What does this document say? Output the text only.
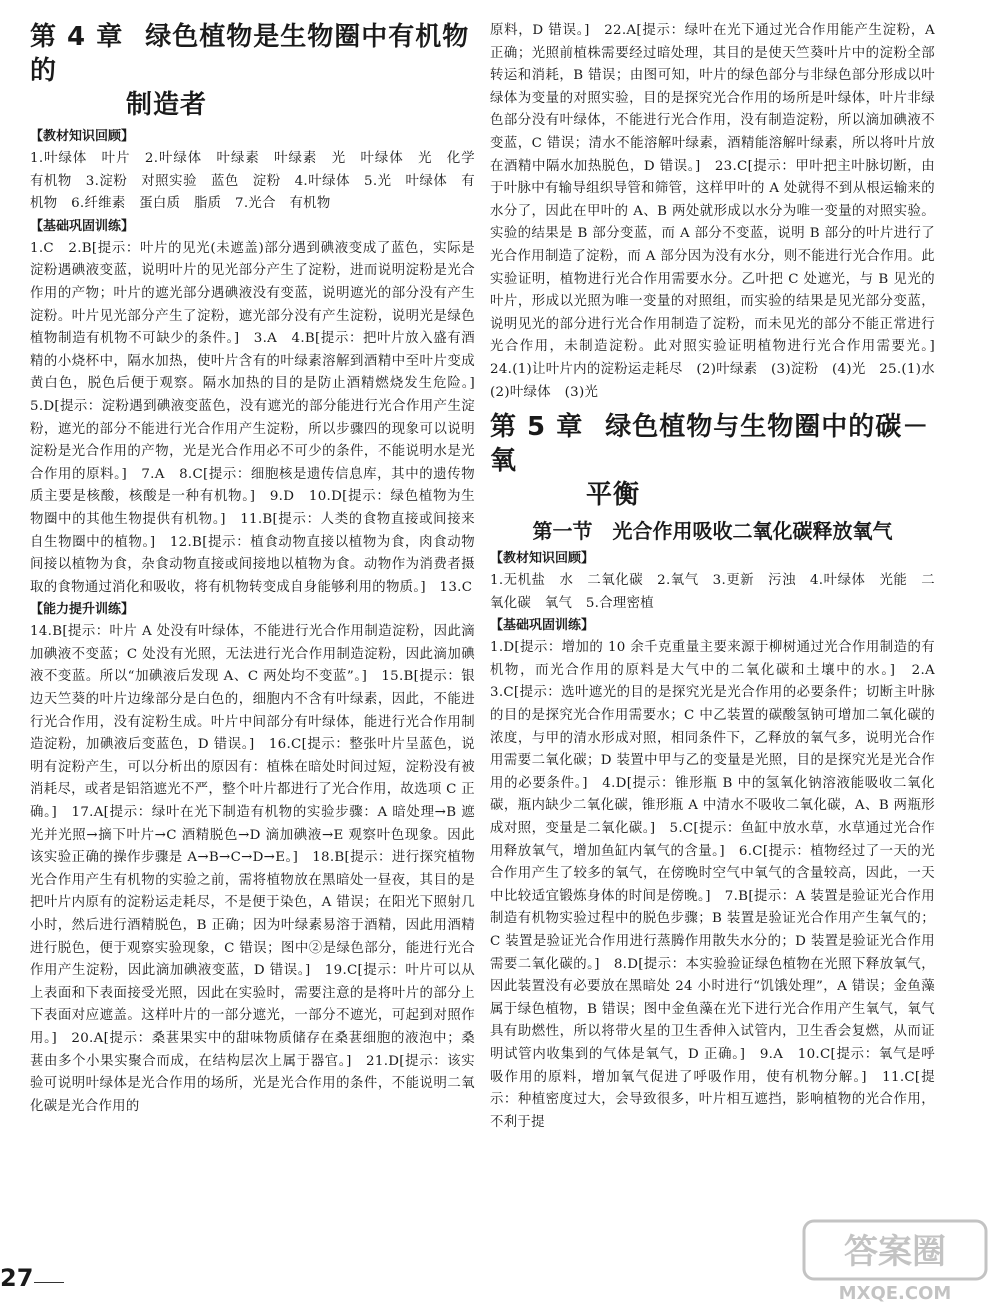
第 4 章 绿色植物是生物圈中有机物的
制造者

【教材知识回顾】

1.叶绿体　叶片　2.叶绿体　叶绿素　叶绿素　光　叶绿体　光　化学　有机物　3.淀粉　对照实验　蓝色　淀粉　4.叶绿体　5.光　叶绿体　有机物　6.纤维素　蛋白质　脂质　7.光合　有机物

【基础巩固训练】

1.C　2.B[提示：叶片的见光(未遮盖)部分遇到碘液变成了蓝色，实际是淀粉遇碘液变蓝，说明叶片的见光部分产生了淀粉，进而说明淀粉是光合作用的产物；叶片的遮光部分遇碘液没有变蓝，说明遮光的部分没有产生淀粉。叶片见光部分产生了淀粉，遮光部分没有产生淀粉，说明光是绿色植物制造有机物不可缺少的条件。]　3.A　4.B[提示：把叶片放入盛有酒精的小烧杯中，隔水加热，使叶片含有的叶绿素溶解到酒精中至叶片变成黄白色，脱色后便于观察。隔水加热的目的是防止酒精燃烧发生危险。]　5.D[提示：淀粉遇到碘液变蓝色，没有遮光的部分能进行光合作用产生淀粉，遮光的部分不能进行光合作用产生淀粉，所以步骤四的现象可以说明淀粉是光合作用的产物，光是光合作用必不可少的条件，不能说明水是光合作用的原料。]　7.A　8.C[提示：细胞核是遗传信息库，其中的遗传物质主要是核酸，核酸是一种有机物。]　9.D　10.D[提示：绿色植物为生物圈中的其他生物提供有机物。]　11.B[提示：人类的食物直接或间接来自生物圈中的植物。]　12.B[提示：植食动物直接以植物为食，肉食动物间接以植物为食，杂食动物直接或间接地以植物为食。动物作为消费者摄取的食物通过消化和吸收，将有机物转变成自身能够利用的物质。]　13.C

【能力提升训练】

14.B[提示：叶片 A 处没有叶绿体，不能进行光合作用制造淀粉，因此滴加碘液不变蓝；C 处没有光照，无法进行光合作用制造淀粉，因此滴加碘液不变蓝。所以“加碘液后发现 A、C 两处均不变蓝”。]　15.B[提示：银边天竺葵的叶片边缘部分是白色的，细胞内不含有叶绿素，因此，不能进行光合作用，没有淀粉生成。叶片中间部分有叶绿体，能进行光合作用制造淀粉，加碘液后变蓝色，D 错误。]　16.C[提示：整张叶片呈蓝色，说明有淀粉产生，可以分析出的原因有：植株在暗处时间过短，淀粉没有被消耗尽，或者是铝箔遮光不严，整个叶片都进行了光合作用，故选项 C 正确。]　17.A[提示：绿叶在光下制造有机物的实验步骤：A 暗处理→B 遮光并光照→摘下叶片→C 酒精脱色→D 滴加碘液→E 观察叶色现象。因此该实验正确的操作步骤是 A→B→C→D→E。]　18.B[提示：进行探究植物光合作用产生有机物的实验之前，需将植物放在黑暗处一昼夜，其目的是把叶片内原有的淀粉运走耗尽，不是便于染色，A 错误；在阳光下照射几小时，然后进行酒精脱色，B 正确；因为叶绿素易溶于酒精，因此用酒精进行脱色，便于观察实验现象，C 错误；图中②是绿色部分，能进行光合作用产生淀粉，因此滴加碘液变蓝，D 错误。]　19.C[提示：叶片可以从上表面和下表面接受光照，因此在实验时，需要注意的是将叶片的部分上下表面对应遮盖。这样叶片的一部分遮光，一部分不遮光，可起到对照作用。]　20.A[提示：桑葚果实中的甜味物质储存在桑葚细胞的液泡中；桑葚由多个小果实聚合而成，在结构层次上属于器官。]　21.D[提示：该实验可说明叶绿体是光合作用的场所，光是光合作用的条件，不能说明二氧化碳是光合作用的

原料，D 错误。]　22.A[提示：绿叶在光下通过光合作用能产生淀粉，A 正确；光照前植株需要经过暗处理，其目的是使天竺葵叶片中的淀粉全部转运和消耗，B 错误；由图可知，叶片的绿色部分与非绿色部分形成以叶绿体为变量的对照实验，目的是探究光合作用的场所是叶绿体，叶片非绿色部分没有叶绿体，不能进行光合作用，没有制造淀粉，所以滴加碘液不变蓝，C 错误；清水不能溶解叶绿素，酒精能溶解叶绿素，所以将叶片放在酒精中隔水加热脱色，D 错误。]　23.C[提示：甲叶把主叶脉切断，由于叶脉中有输导组织导管和筛管，这样甲叶的 A 处就得不到从根运输来的水分了，因此在甲叶的 A、B 两处就形成以水分为唯一变量的对照实验。实验的结果是 B 部分变蓝，而 A 部分不变蓝，说明 B 部分的叶片进行了光合作用制造了淀粉，而 A 部分因为没有水分，则不能进行光合作用。此实验证明，植物进行光合作用需要水分。乙叶把 C 处遮光，与 B 见光的叶片，形成以光照为唯一变量的对照组，而实验的结果是见光部分变蓝，说明见光的部分进行光合作用制造了淀粉，而未见光的部分不能正常进行光合作用，未制造淀粉。此对照实验证明植物进行光合作用需要光。]　24.(1)让叶片内的淀粉运走耗尽　(2)叶绿素　(3)淀粉　(4)光　25.(1)水　(2)叶绿体　(3)光

第 5 章 绿色植物与生物圈中的碳－氧
平衡

第一节　光合作用吸收二氧化碳释放氧气

【教材知识回顾】

1.无机盐　水　二氧化碳　2.氧气　3.更新　污浊　4.叶绿体　光能　二氧化碳　氧气　5.合理密植

【基础巩固训练】

1.D[提示：增加的 10 余千克重量主要来源于柳树通过光合作用制造的有机物，而光合作用的原料是大气中的二氧化碳和土壤中的水。]　2.A　3.C[提示：选叶遮光的目的是探究光是光合作用的必要条件；切断主叶脉的目的是探究光合作用需要水；C 中乙装置的碳酸氢钠可增加二氧化碳的浓度，与甲的清水形成对照，相同条件下，乙释放的氧气多，说明光合作用需要二氧化碳；D 装置中甲与乙的变量是光照，目的是探究光是光合作用的必要条件。]　4.D[提示：锥形瓶 B 中的氢氧化钠溶液能吸收二氧化碳，瓶内缺少二氧化碳，锥形瓶 A 中清水不吸收二氧化碳，A、B 两瓶形成对照，变量是二氧化碳。]　5.C[提示：鱼缸中放水草，水草通过光合作用释放氧气，增加鱼缸内氧气的含量。]　6.C[提示：植物经过了一天的光合作用产生了较多的氧气，在傍晚时空气中氧气的含量较高，因此，一天中比较适宜锻炼身体的时间是傍晚。]　7.B[提示：A 装置是验证光合作用制造有机物实验过程中的脱色步骤；B 装置是验证光合作用产生氧气的；C 装置是验证光合作用进行蒸腾作用散失水分的；D 装置是验证光合作用需要二氧化碳的。]　8.D[提示：本实验验证绿色植物在光照下释放氧气，因此装置没有必要放在黑暗处 24 小时进行“饥饿处理”，A 错误；金鱼藻属于绿色植物，B 错误；图中金鱼藻在光下进行光合作用产生氧气，氧气具有助燃性，所以将带火星的卫生香伸入试管内，卫生香会复燃，从而证明试管内收集到的气体是氧气，D 正确。]　9.A　10.C[提示：氧气是呼吸作用的原料，增加氧气促进了呼吸作用，使有机物分解。]　11.C[提示：种植密度过大，会导致很多，叶片相互遮挡，影响植物的光合作用，不利于提

27
答案圈
MXQE.COM
